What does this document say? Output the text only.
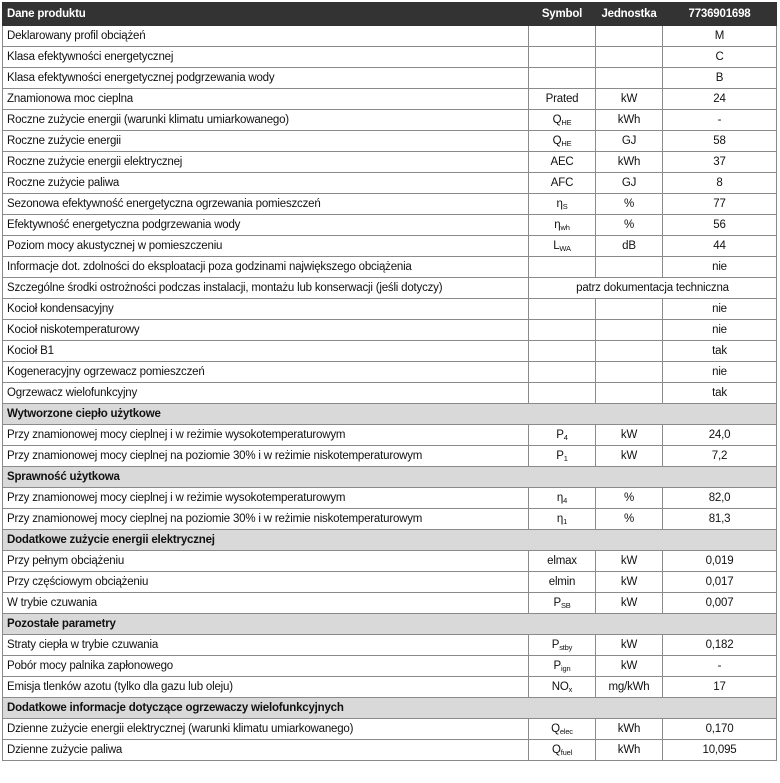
Dane produktu	Symbol	Jednostka	7736901698
Deklarowany profil obciążeń			M
Klasa efektywności energetycznej			C
Klasa efektywności energetycznej podgrzewania wody			B
Znamionowa moc cieplna	Prated	kW	24
Roczne zużycie energii (warunki klimatu umiarkowanego)	$Q_{HE}$	kWh	-
Roczne zużycie energii	$Q_{HE}$	GJ	58
Roczne zużycie energii elektrycznej	AEC	kWh	37
Roczne zużycie paliwa	AFC	GJ	8
Sezonowa efektywność energetyczna ogrzewania pomieszczeń	$\eta_S$	%	77
Efektywność energetyczna podgrzewania wody	$\eta_{wh}$	%	56
Poziom mocy akustycznej w pomieszczeniu	$L_{WA}$	dB	44
Informacje dot. zdolności do eksploatacji poza godzinami największego obciążenia			nie
Szczególne środki ostrożności podczas instalacji, montażu lub konserwacji (jeśli dotyczy)	patrz dokumentacja techniczna		
Kocioł kondensacyjny			nie
Kocioł niskotemperaturowy			nie
Kocioł B1			tak
Kogeneracyjny ogrzewacz pomieszczeń			nie
Ogrzewacz wielofunkcyjny			tak
Wytworzone ciepło użytkowe			
Przy znamionowej mocy cieplnej i w reżimie wysokotemperaturowym	$P_4$	kW	24,0
Przy znamionowej mocy cieplnej na poziomie 30% i w reżimie niskotemperaturowym	$P_1$	kW	7,2
Sprawność użytkowa			
Przy znamionowej mocy cieplnej i w reżimie wysokotemperaturowym	$\eta_4$	%	82,0
Przy znamionowej mocy cieplnej na poziomie 30% i w reżimie niskotemperaturowym	$\eta_1$	%	81,3
Dodatkowe zużycie energii elektrycznej			
Przy pełnym obciążeniu	elmax	kW	0,019
Przy częściowym obciążeniu	elmin	kW	0,017
W trybie czuwania	$P_{SB}$	kW	0,007
Pozostałe parametry			
Straty ciepła w trybie czuwania	$P_{stby}$	kW	0,182
Pobór mocy palnika zapłonowego	$P_{ign}$	kW	-
Emisja tlenków azotu (tylko dla gazu lub oleju)	$NO_x$	mg/kWh	17
Dodatkowe informacje dotyczące ogrzewaczy wielofunkcyjnych			
Dzienne zużycie energii elektrycznej (warunki klimatu umiarkowanego)	$Q_{elec}$	kWh	0,170
Dzienne zużycie paliwa	$Q_{fuel}$	kWh	10,095
